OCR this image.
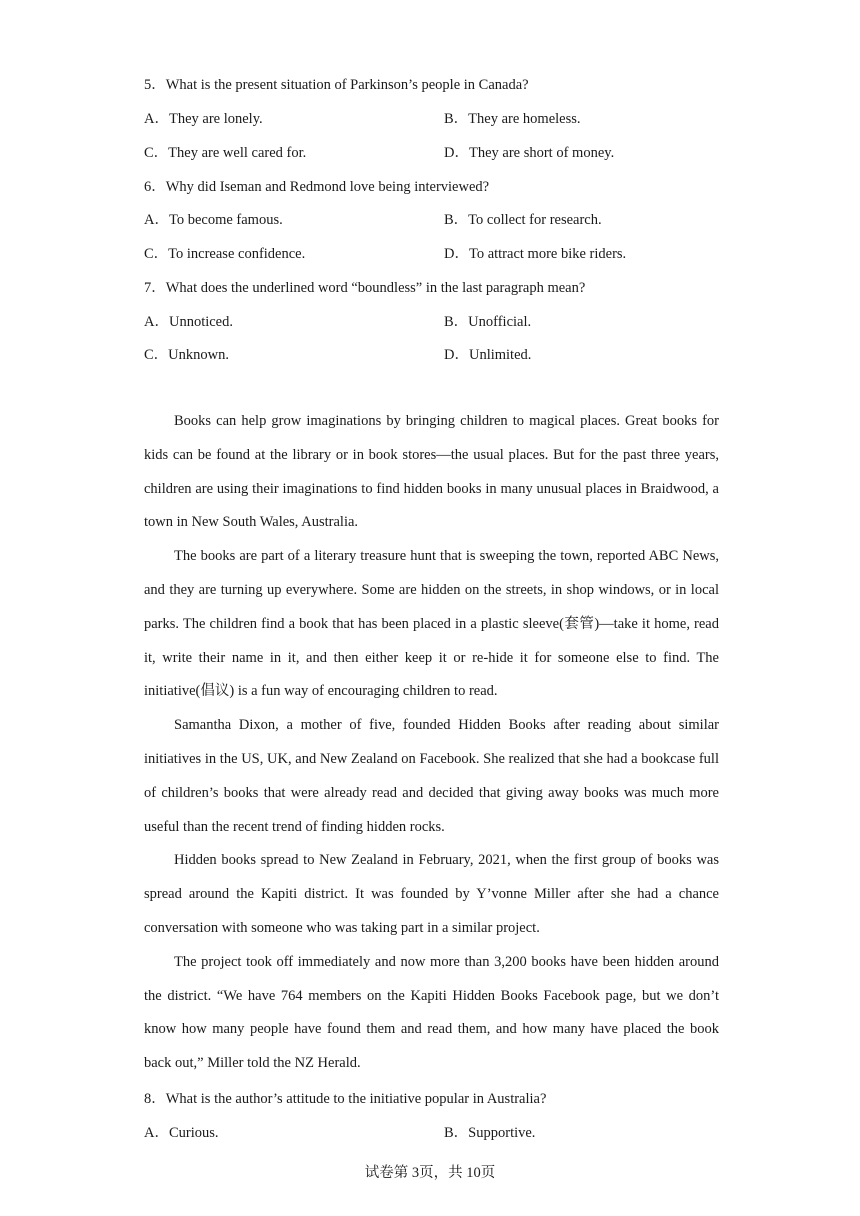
5．What is the present situation of Parkinson’s people in Canada?
A．They are lonely.	B．They are homeless.
C．They are well cared for.	D．They are short of money.
6．Why did Iseman and Redmond love being interviewed?
A．To become famous.	B．To collect for research.
C．To increase confidence.	D．To attract more bike riders.
7．What does the underlined word “boundless” in the last paragraph mean?
A．Unnoticed.	B．Unofficial.
C．Unknown.	D．Unlimited.

Books can help grow imaginations by bringing children to magical places. Great books for kids can be found at the library or in book stores—the usual places. But for the past three years, children are using their imaginations to find hidden books in many unusual places in Braidwood, a town in New South Wales, Australia.

The books are part of a literary treasure hunt that is sweeping the town, reported ABC News, and they are turning up everywhere. Some are hidden on the streets, in shop windows, or in local parks. The children find a book that has been placed in a plastic sleeve(套管)—take it home, read it, write their name in it, and then either keep it or re-hide it for someone else to find. The initiative(倡议) is a fun way of encouraging children to read.

Samantha Dixon, a mother of five, founded Hidden Books after reading about similar initiatives in the US, UK, and New Zealand on Facebook. She realized that she had a bookcase full of children’s books that were already read and decided that giving away books was much more useful than the recent trend of finding hidden rocks.

Hidden books spread to New Zealand in February, 2021, when the first group of books was spread around the Kapiti district. It was founded by Y’vonne Miller after she had a chance conversation with someone who was taking part in a similar project.

The project took off immediately and now more than 3,200 books have been hidden around the district. “We have 764 members on the Kapiti Hidden Books Facebook page, but we don’t know how many people have found them and read them, and how many have placed the book back out,” Miller told the NZ Herald.

8．What is the author’s attitude to the initiative popular in Australia?
A．Curious.	B．Supportive.
试卷第 3页，共 10页
